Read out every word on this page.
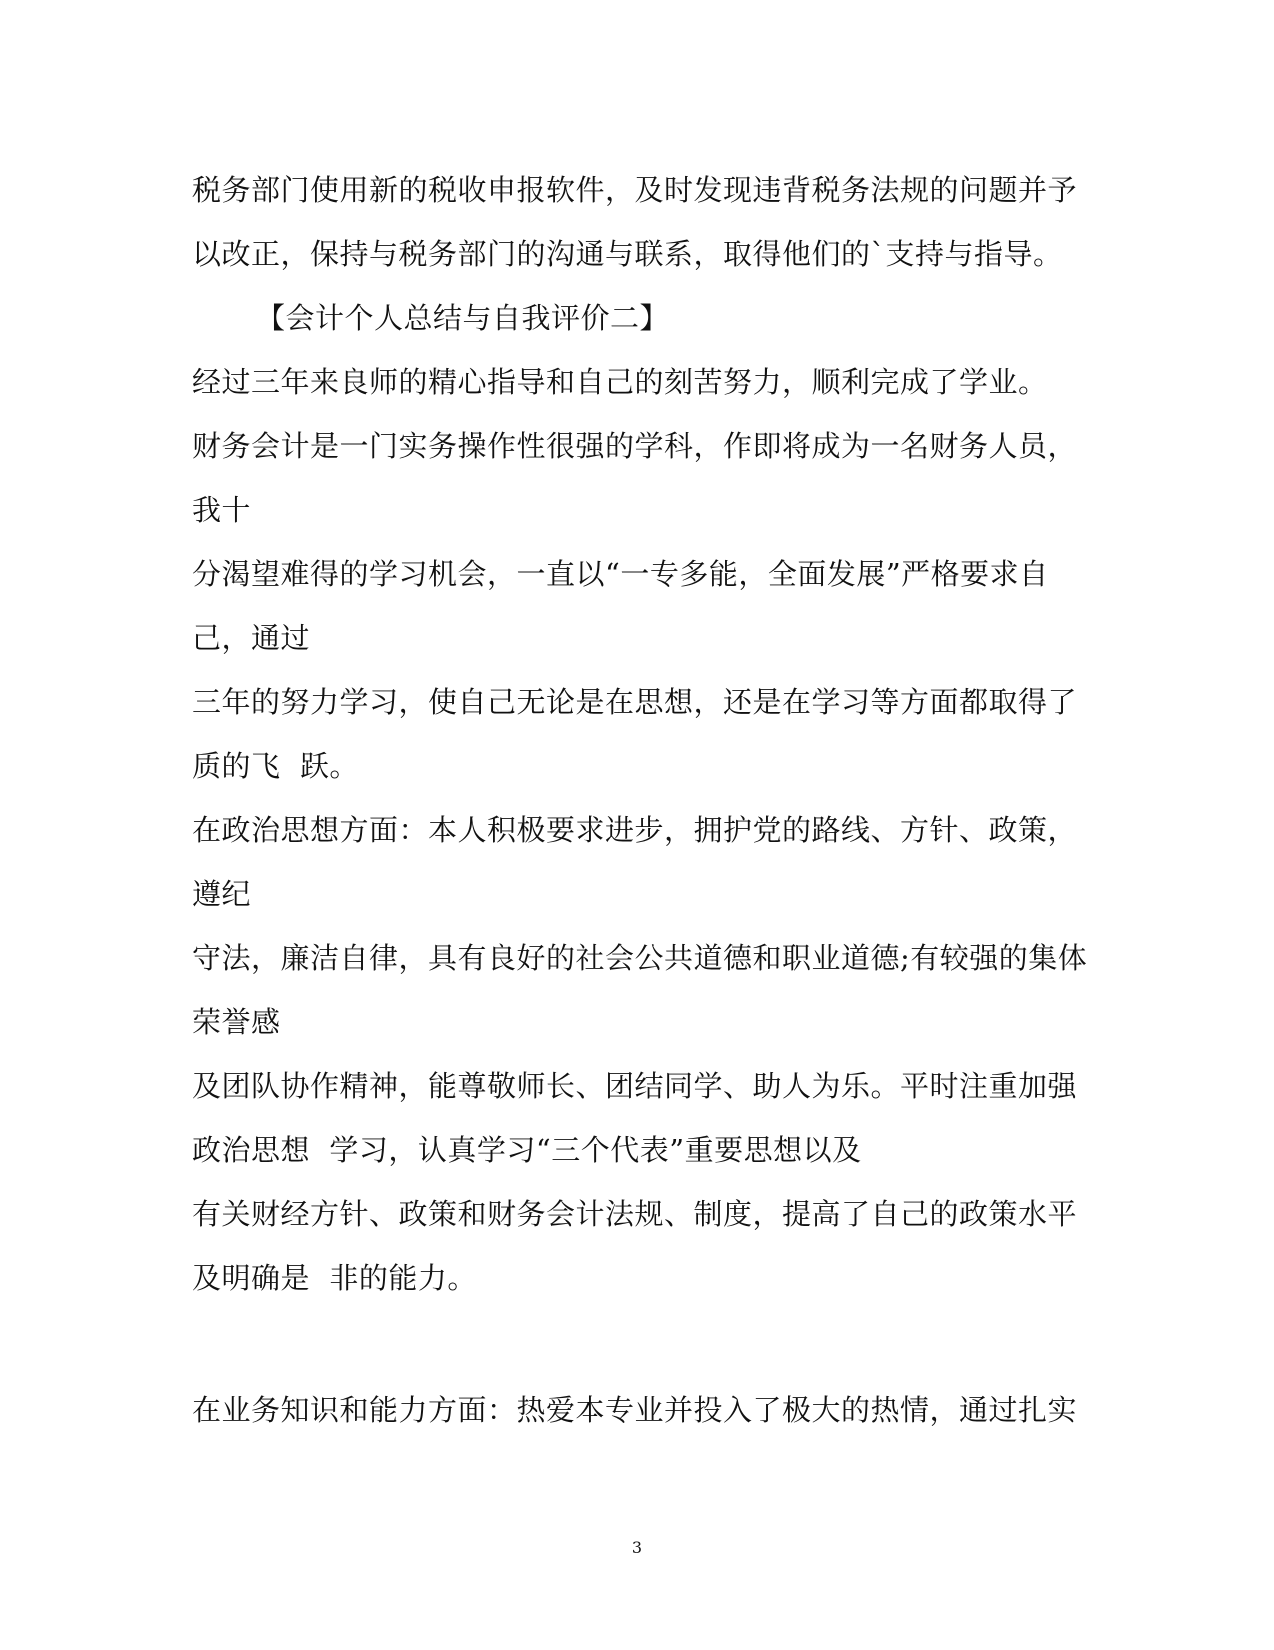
税务部门使用新的税收申报软件，及时发现违背税务法规的问题并予
以改正，保持与税务部门的沟通与联系，取得他们的`支持与指导。
【会计个人总结与自我评价二】
经过三年来良师的精心指导和自己的刻苦努力，顺利完成了学业。
财务会计是一门实务操作性很强的学科，作即将成为一名财务人员，
我十
分渴望难得的学习机会，一直以“一专多能，全面发展”严格要求自
己，通过
三年的努力学习，使自己无论是在思想，还是在学习等方面都取得了
质的飞  跃。
在政治思想方面：本人积极要求进步，拥护党的路线、方针、政策，
遵纪
守法，廉洁自律，具有良好的社会公共道德和职业道德;有较强的集体
荣誉感
及团队协作精神，能尊敬师长、团结同学、助人为乐。平时注重加强
政治思想  学习，认真学习“三个代表”重要思想以及
有关财经方针、政策和财务会计法规、制度，提高了自己的政策水平
及明确是  非的能力。
在业务知识和能力方面：热爱本专业并投入了极大的热情，通过扎实
3
